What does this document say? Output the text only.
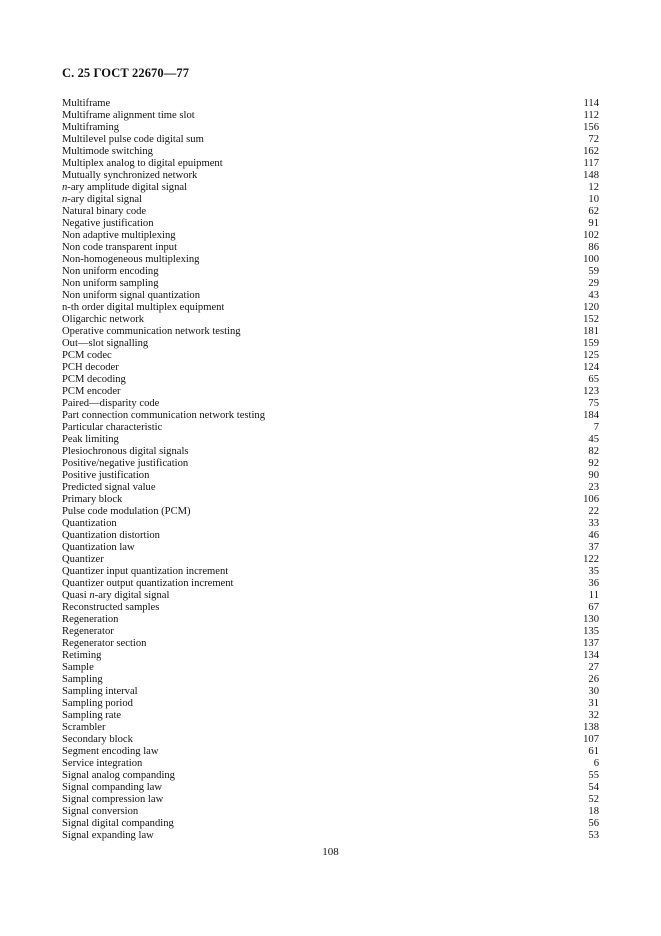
С. 25 ГОСТ 22670—77
Multiframe	114
Multiframe alignment time slot	112
Multiframing	156
Multilevel pulse code digital sum	72
Multimode switching	162
Multiplex analog to digital epuipment	117
Mutually synchronized network	148
n-ary amplitude digital signal	12
n-ary digital signal	10
Natural binary code	62
Negative justification	91
Non adaptive multiplexing	102
Non code transparent input	86
Non-homogeneous multiplexing	100
Non uniform encoding	59
Non uniform sampling	29
Non uniform signal quantization	43
n-th order digital multiplex equipment	120
Oligarchic network	152
Operative communication network testing	181
Out—slot signalling	159
PCM codec	125
PCH decoder	124
PCM decoding	65
PCM encoder	123
Paired—disparity code	75
Part connection communication network testing	184
Particular characteristic	7
Peak limiting	45
Plesiochronous digital signals	82
Positive/negative justification	92
Positive justification	90
Predicted signal value	23
Primary block	106
Pulse code modulation (PCM)	22
Quantization	33
Quantization distortion	46
Quantization law	37
Quantizer	122
Quantizer input quantization increment	35
Quantizer output quantization increment	36
Quasi n-ary digital signal	11
Reconstructed samples	67
Regeneration	130
Regenerator	135
Regenerator section	137
Retiming	134
Sample	27
Sampling	26
Sampling interval	30
Sampling poriod	31
Sampling rate	32
Scrambler	138
Secondary block	107
Segment encoding law	61
Service integration	6
Signal analog companding	55
Signal companding law	54
Signal compression law	52
Signal conversion	18
Signal digital companding	56
Signal expanding law	53
108
